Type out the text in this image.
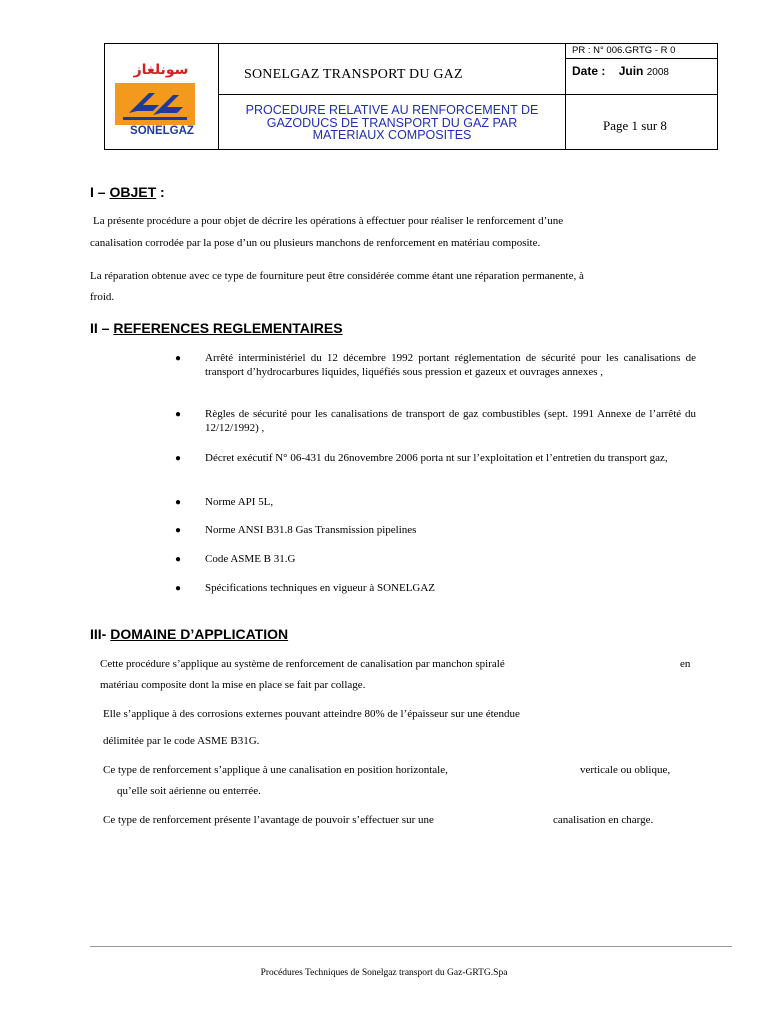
سونلغاز
SONELGAZ
SONELGAZ TRANSPORT DU GAZ
PROCEDURE RELATIVE AU RENFORCEMENT DE
GAZODUCS DE TRANSPORT DU GAZ PAR
MATERIAUX COMPOSITES
PR : N° 006.GRTG - R 0
Date : Juin 2008
Page 1 sur 8
I – OBJET :
La présente procédure a pour objet de décrire les opérations à effectuer pour réaliser le renforcement d’une
canalisation corrodée par la pose d’un ou plusieurs manchons de renforcement en matériau composite.
La réparation obtenue avec ce type de fourniture peut être considérée comme étant une réparation permanente, à
froid.
II – REFERENCES REGLEMENTAIRES
● Arrêté interministériel du 12 décembre 1992 portant réglementation de sécurité pour les canalisations de transport d’hydrocarbures liquides, liquéfiés sous pression et gazeux et ouvrages annexes ,
● Règles de sécurité pour les canalisations de transport de gaz combustibles (sept. 1991 Annexe de l’arrêté du 12/12/1992) ,
● Décret exécutif N° 06-431 du 26novembre 2006 porta nt sur l’exploitation et l’entretien du transport gaz,
● Norme API 5L,
● Norme ANSI B31.8 Gas Transmission pipelines
● Code ASME B 31.G
● Spécifications techniques en vigueur à SONELGAZ
III- DOMAINE D’APPLICATION
Cette procédure s’applique au système de renforcement de canalisation par manchon spiralé	en
matériau composite dont la mise en place se fait par collage.
Elle s’applique à des corrosions externes pouvant atteindre 80% de l’épaisseur sur une étendue
délimitée par le code ASME B31G.
Ce type de renforcement s’applique à une canalisation en position horizontale,	verticale ou oblique,
qu’elle soit aérienne ou enterrée.
Ce type de renforcement présente l’avantage de pouvoir s’effectuer sur une	canalisation en charge.
Procédures Techniques de Sonelgaz transport du Gaz-GRTG.Spa
